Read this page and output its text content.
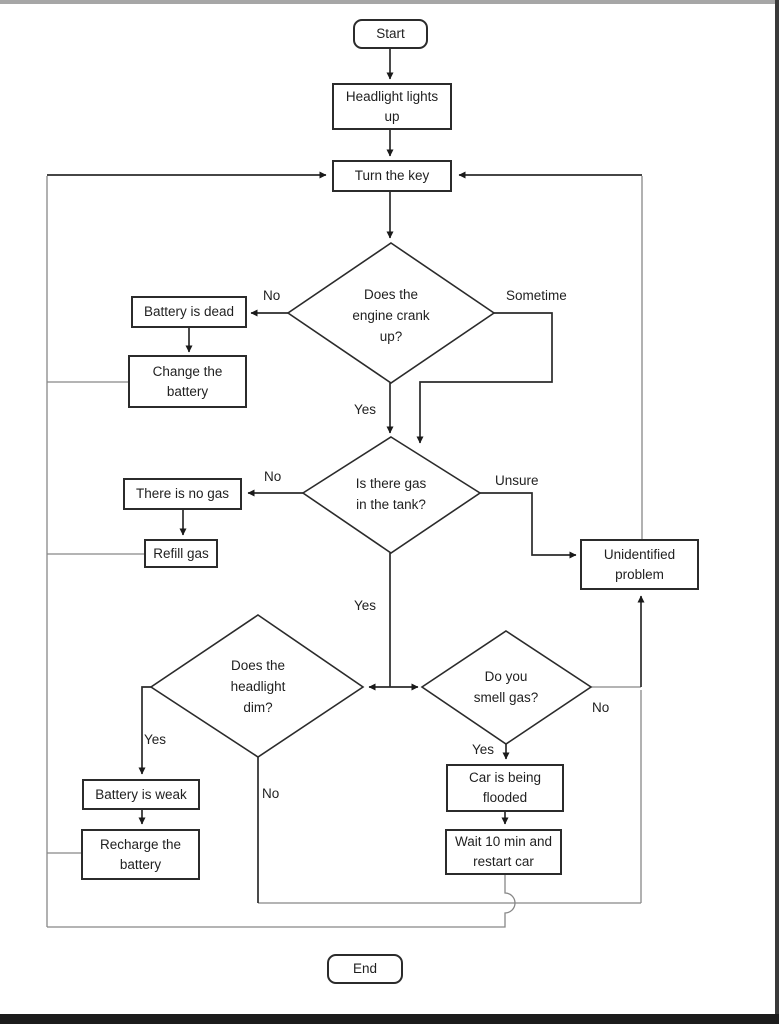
Start
Headlight lights
up
Turn the key
Does the
engine crank
up?
Battery is dead
Change the
battery
Is there gas
in the tank?
There is no gas
Refill gas	Unidentified
problem
Does the
headlight
dim?
Do you
smell gas?
Battery is weak
Recharge the
battery
Car is being
flooded
Wait 10 min and
restart car
End
No	Sometime
Yes
No	Unsure
Yes
Yes
No
Yes
No
